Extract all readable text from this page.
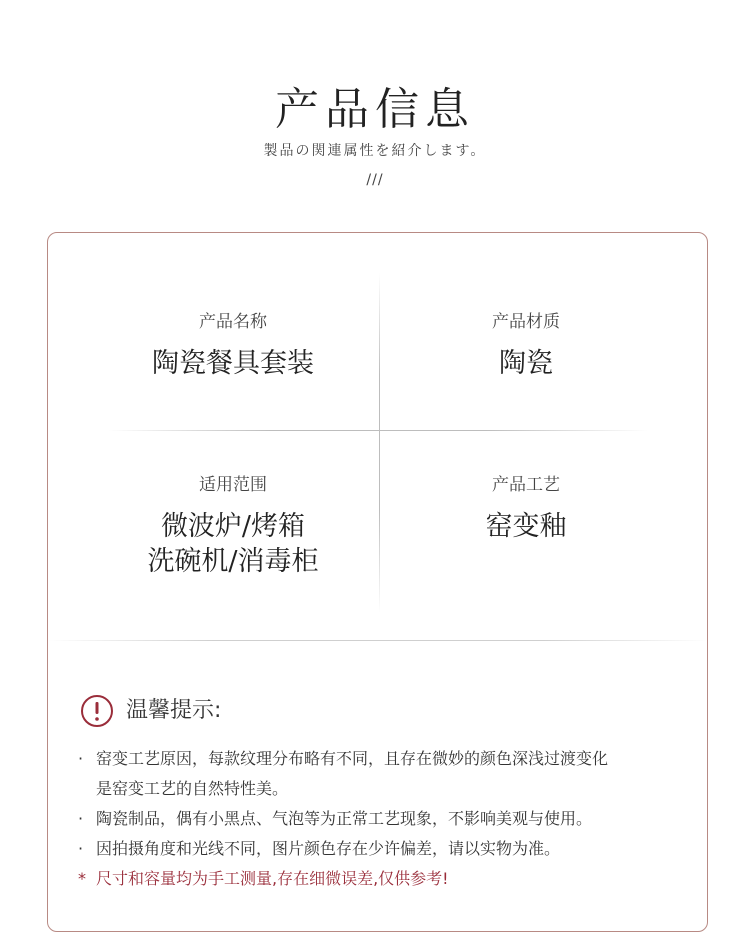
产品信息
製品の関連属性を紹介します。
///
产品名称
陶瓷餐具套装
产品材质
陶瓷
适用范围
微波炉/烤箱
洗碗机/消毒柜
产品工艺
窑变釉
温馨提示:
· 窑变工艺原因，每款纹理分布略有不同，且存在微妙的颜色深浅过渡变化
是窑变工艺的自然特性美。
· 陶瓷制品，偶有小黑点、气泡等为正常工艺现象，不影响美观与使用。
· 因拍摄角度和光线不同，图片颜色存在少许偏差，请以实物为准。
* 尺寸和容量均为手工测量,存在细微误差,仅供参考!
